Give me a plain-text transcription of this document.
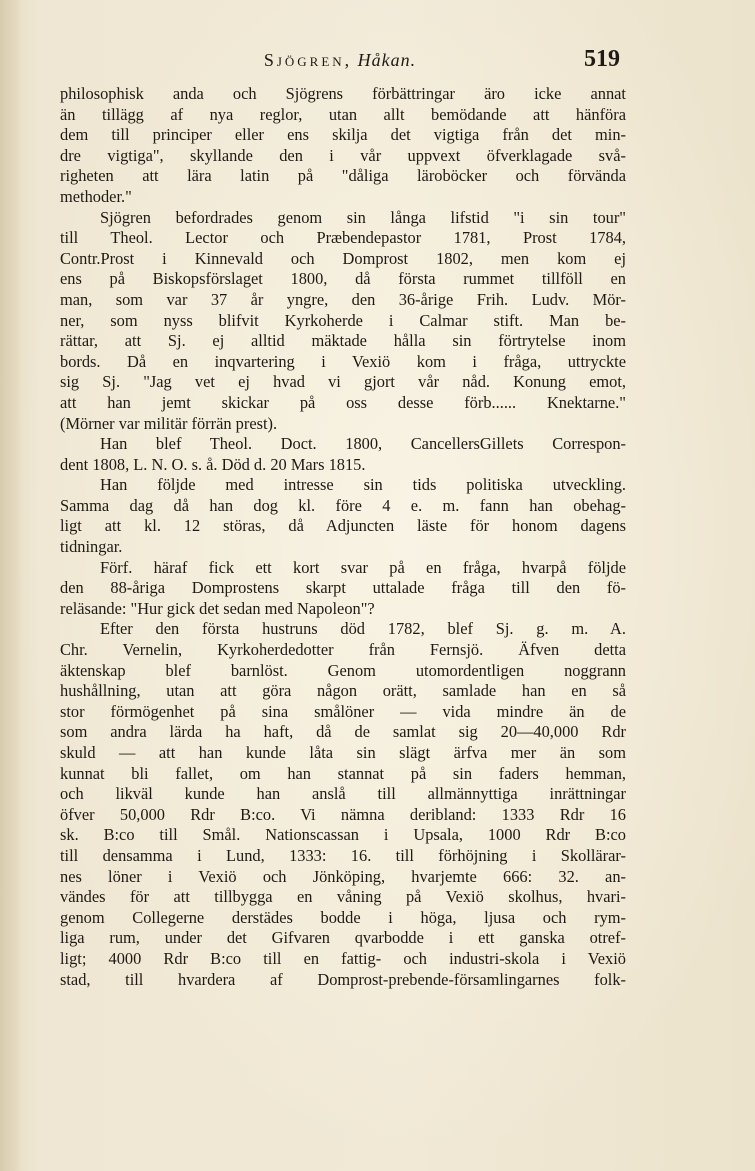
Sjögren, Håkan.	519
philosophisk anda och Sjögrens förbättringar äro icke annat
än tillägg af nya reglor, utan allt bemödande att hänföra
dem till principer eller ens skilja det vigtiga från det min-
dre vigtiga", skyllande den i vår uppvext öfverklagade svå-
righeten att lära latin på "dåliga läroböcker och förvända
methoder."
Sjögren befordrades genom sin långa lifstid "i sin tour"
till Theol. Lector och Præbendepastor 1781, Prost 1784,
Contr.Prost i Kinnevald och Domprost 1802, men kom ej
ens på Biskopsförslaget 1800, då första rummet tillföll en
man, som var 37 år yngre, den 36-årige Frih. Ludv. Mör-
ner, som nyss blifvit Kyrkoherde i Calmar stift. Man be-
rättar, att Sj. ej alltid mäktade hålla sin förtrytelse inom
bords. Då en inqvartering i Vexiö kom i fråga, uttryckte
sig Sj. "Jag vet ej hvad vi gjort vår nåd. Konung emot,
att han jemt skickar på oss desse förb...... Knektarne."
(Mörner var militär förrän prest).
Han blef Theol. Doct. 1800, CancellersGillets Correspon-
dent 1808, L. N. O. s. å. Död d. 20 Mars 1815.
Han följde med intresse sin tids politiska utveckling.
Samma dag då han dog kl. före 4 e. m. fann han obehag-
ligt att kl. 12 störas, då Adjuncten läste för honom dagens
tidningar.
Förf. häraf fick ett kort svar på en fråga, hvarpå följde
den 88-åriga Domprostens skarpt uttalade fråga till den fö-
reläsande: "Hur gick det sedan med Napoleon"?
Efter den första hustruns död 1782, blef Sj. g. m. A.
Chr. Vernelin, Kyrkoherdedotter från Fernsjö. Äfven detta
äktenskap blef barnlöst. Genom utomordentligen noggrann
hushållning, utan att göra någon orätt, samlade han en så
stor förmögenhet på sina smålöner — vida mindre än de
som andra lärda ha haft, då de samlat sig 20—40,000 Rdr
skuld — att han kunde låta sin slägt ärfva mer än som
kunnat bli fallet, om han stannat på sin faders hemman,
och likväl kunde han anslå till allmännyttiga inrättningar
öfver 50,000 Rdr B:co. Vi nämna deribland: 1333 Rdr 16
sk. B:co till Smål. Nationscassan i Upsala, 1000 Rdr B:co
till densamma i Lund, 1333: 16. till förhöjning i Skollärar-
nes löner i Vexiö och Jönköping, hvarjemte 666: 32. an-
vändes för att tillbygga en våning på Vexiö skolhus, hvari-
genom Collegerne derstädes bodde i höga, ljusa och rym-
liga rum, under det Gifvaren qvarbodde i ett ganska otref-
ligt; 4000 Rdr B:co till en fattig- och industri-skola i Vexiö
stad, till hvardera af Domprost-prebende-församlingarnes folk-
